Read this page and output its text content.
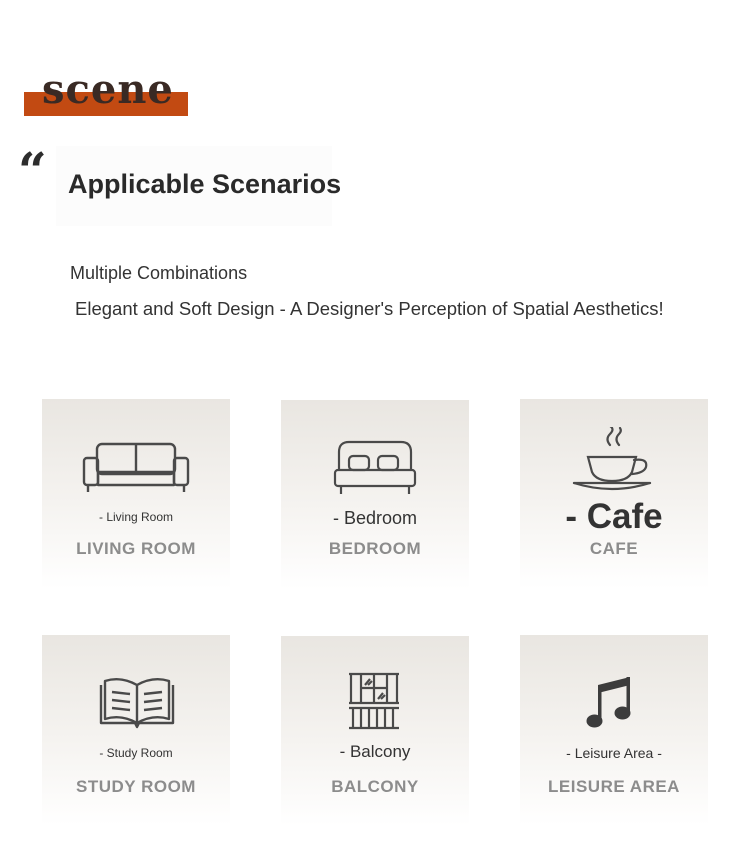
scene

“ Applicable Scenarios

Multiple Combinations

Elegant and Soft Design - A Designer's Perception of Spatial Aesthetics!

- Living Room

LIVING ROOM

- Bedroom

BEDROOM

- Cafe

CAFE

- Study Room

STUDY ROOM

- Balcony

BALCONY

- Leisure Area -

LEISURE AREA
